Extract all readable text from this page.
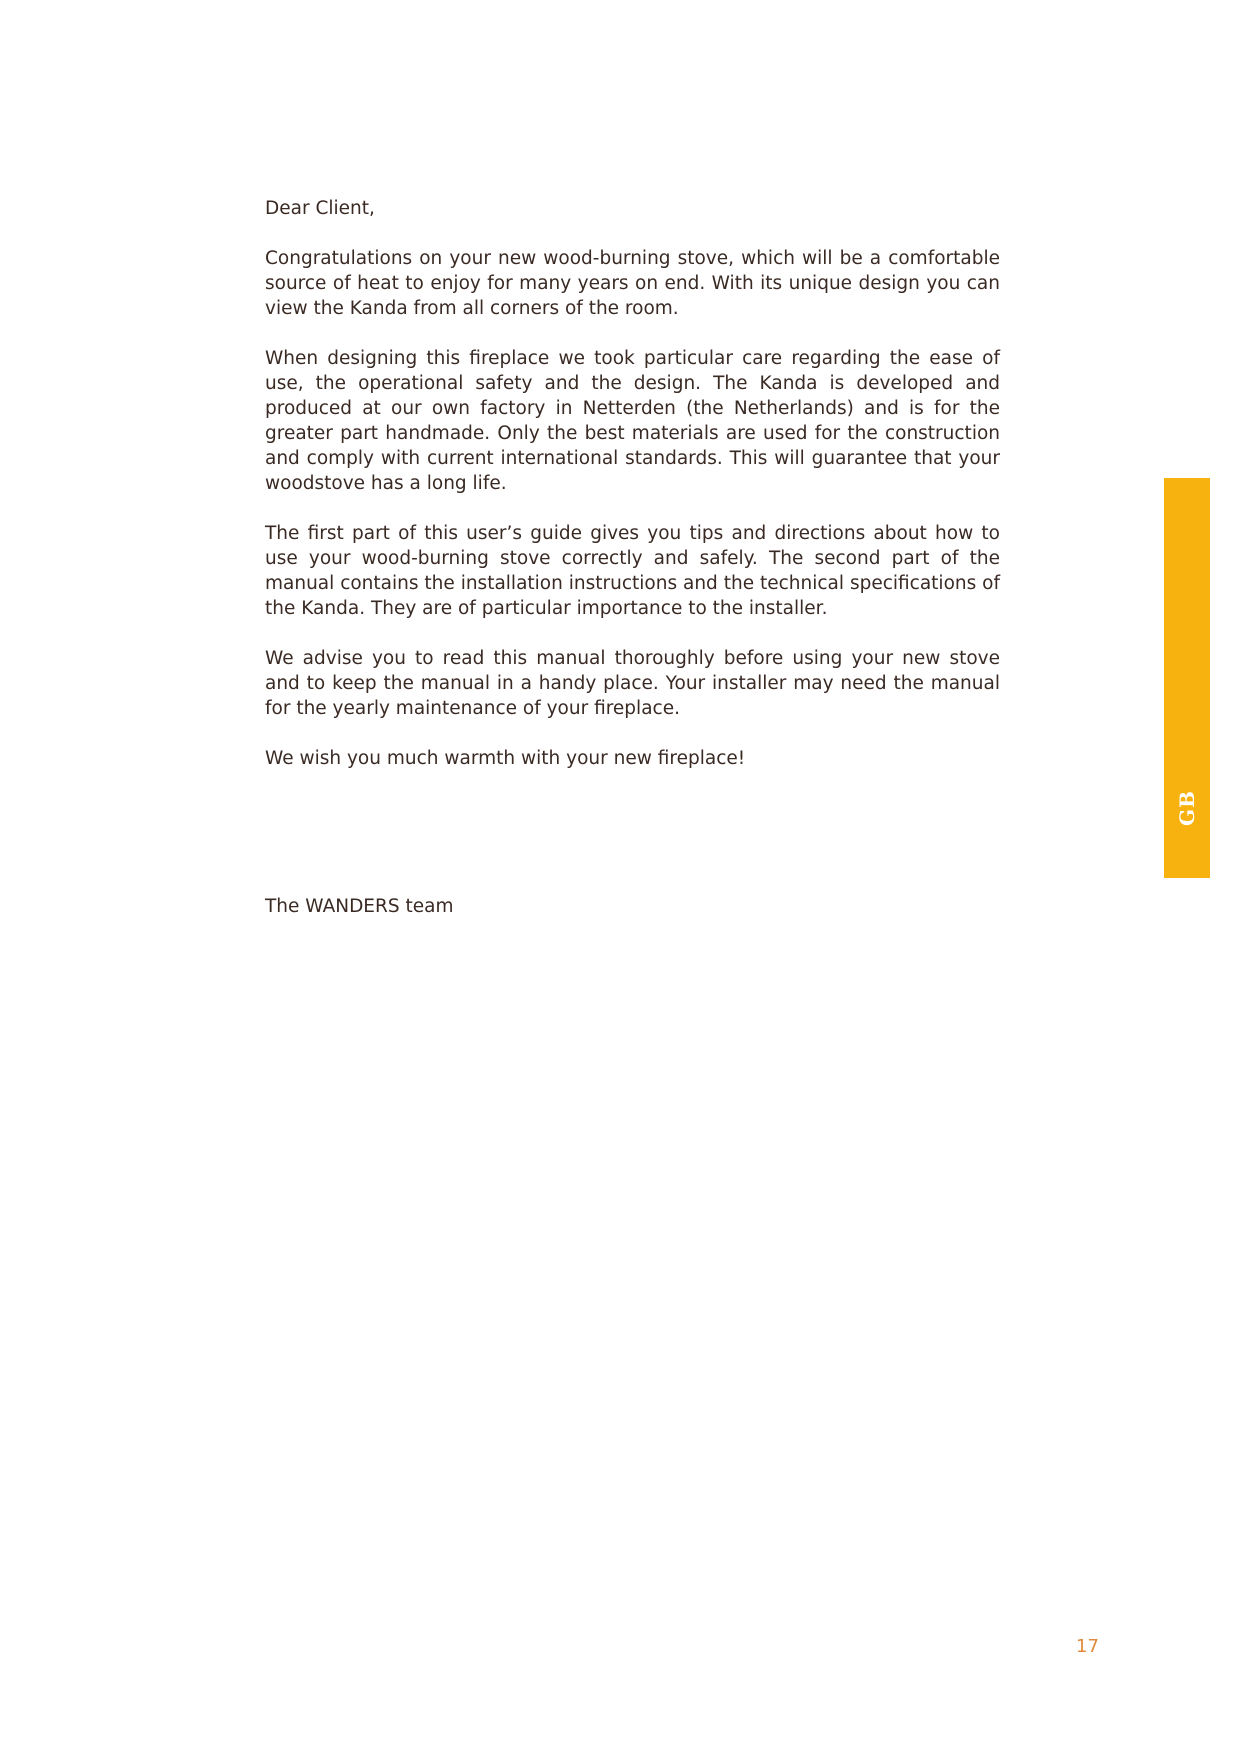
Dear Client,

Congratulations on your new wood-burning stove, which will be a comfortable source of heat to enjoy for many years on end. With its unique design you can view the Kanda from all corners of the room.

When designing this fireplace we took particular care regarding the ease of use, the operational safety and the design. The Kanda is developed and produced at our own factory in Netterden (the Netherlands) and is for the greater part handmade. Only the best materials are used for the construction and comply with current international standards. This will guarantee that your woodstove has a long life.

The first part of this user’s guide gives you tips and directions about how to use your wood-burning stove correctly and safely. The second part of the manual contains the installation instructions and the technical specifications of the Kanda. They are of particular importance to the installer.

We advise you to read this manual thoroughly before using your new stove and to keep the manual in a handy place. Your installer may need the manual for the yearly maintenance of your fireplace.

We wish you much warmth with your new fireplace!

The WANDERS team

GB
17
